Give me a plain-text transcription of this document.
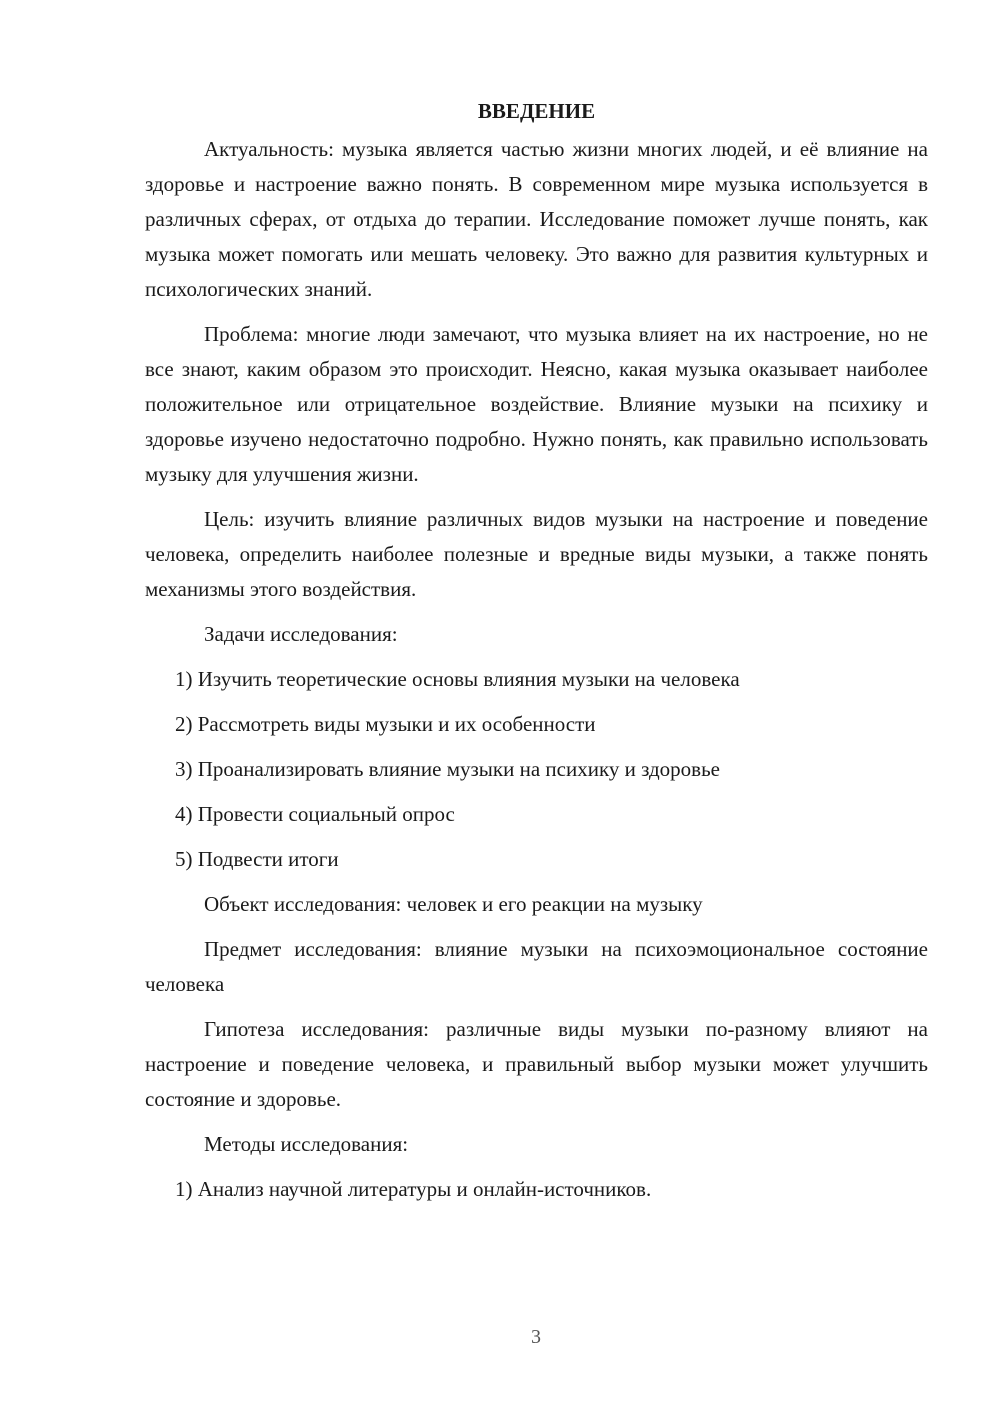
ВВЕДЕНИЕ

Актуальность: музыка является частью жизни многих людей, и её влияние на здоровье и настроение важно понять. В современном мире музыка используется в различных сферах, от отдыха до терапии. Исследование поможет лучше понять, как музыка может помогать или мешать человеку. Это важно для развития культурных и психологических знаний.

Проблема: многие люди замечают, что музыка влияет на их настроение, но не все знают, каким образом это происходит. Неясно, какая музыка оказывает наиболее положительное или отрицательное воздействие. Влияние музыки на психику и здоровье изучено недостаточно подробно. Нужно понять, как правильно использовать музыку для улучшения жизни.

Цель: изучить влияние различных видов музыки на настроение и поведение человека, определить наиболее полезные и вредные виды музыки, а также понять механизмы этого воздействия.

Задачи исследования:
1) Изучить теоретические основы влияния музыки на человека
2) Рассмотреть виды музыки и их особенности
3) Проанализировать влияние музыки на психику и здоровье
4) Провести социальный опрос
5) Подвести итоги
Объект исследования: человек и его реакции на музыку

Предмет исследования: влияние музыки на психоэмоциональное состояние человека

Гипотеза исследования: различные виды музыки по-разному влияют на настроение и поведение человека, и правильный выбор музыки может улучшить состояние и здоровье.

Методы исследования:
1) Анализ научной литературы и онлайн-источников.
3
